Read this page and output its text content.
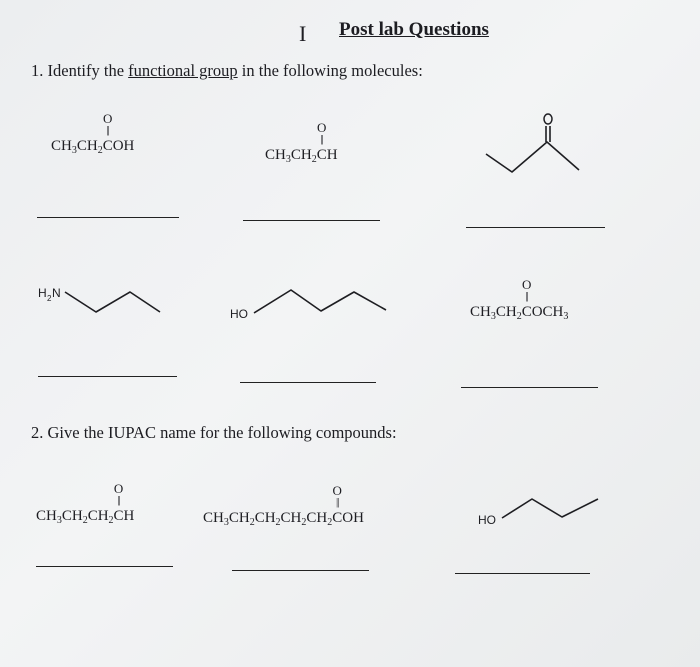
I Post lab Questions
1. Identify the functional group in the following molecules:
$CH_3CH_2C$
O
||
OH
$CH_3CH_2C$
O
||
H
H 2 N
HO	$CH_3CH_2C$
O
||
$OCH_3$
2. Give the IUPAC name for the following compounds:
$CH_3CH_2CH_2C$
O
||
H	$CH_3CH_2CH_2CH_2CH_2C$
O
||
OH	HO
